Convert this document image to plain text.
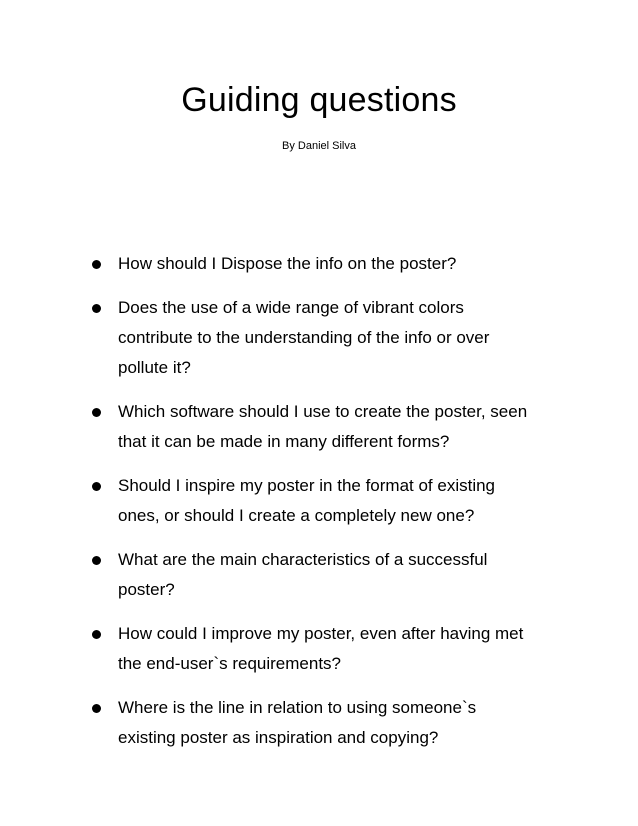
Guiding questions
By Daniel Silva
How should I Dispose the info on the poster?
Does the use of a wide range of vibrant colors contribute to the understanding of the info or over pollute it?
Which software should I use to create the poster, seen that it can be made in many different forms?
Should I inspire my poster in the format of existing ones, or should I create a completely new one?
What are the main characteristics of a successful poster?
How could I improve my poster, even after having met the end-user`s requirements?
Where is the line in relation to using someone`s existing poster as inspiration and copying?
